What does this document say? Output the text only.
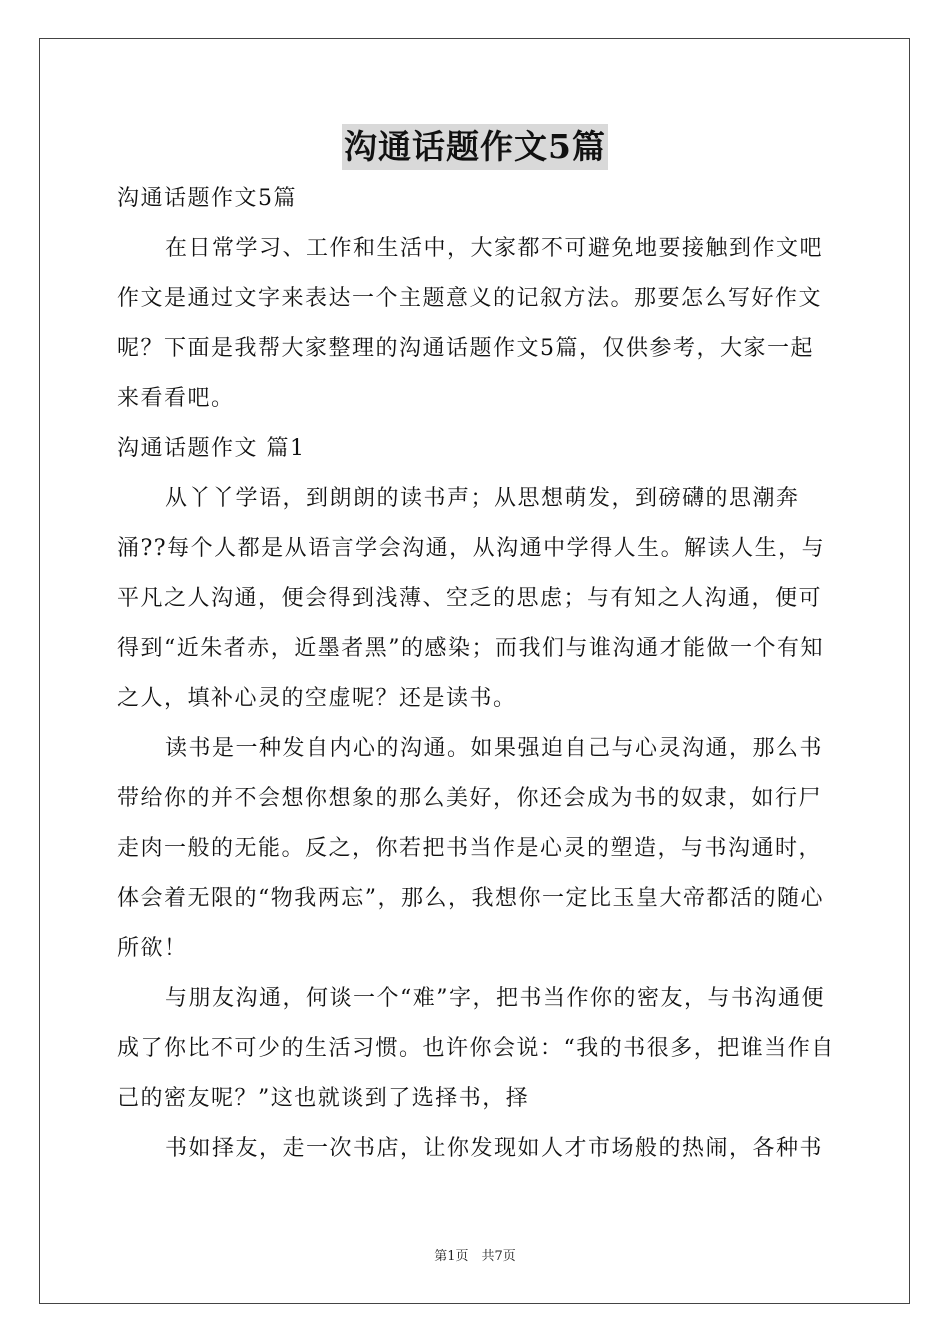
沟通话题作文5篇

沟通话题作文5篇

在日常学习、工作和生活中，大家都不可避免地要接触到作文吧作文是通过文字来表达一个主题意义的记叙方法。那要怎么写好作文呢？下面是我帮大家整理的沟通话题作文5篇，仅供参考，大家一起来看看吧。

沟通话题作文 篇1

从丫丫学语，到朗朗的读书声；从思想萌发，到磅礴的思潮奔涌??每个人都是从语言学会沟通，从沟通中学得人生。解读人生，与平凡之人沟通，便会得到浅薄、空乏的思虑；与有知之人沟通，便可得到“近朱者赤，近墨者黑”的感染；而我们与谁沟通才能做一个有知之人，填补心灵的空虚呢？还是读书。

读书是一种发自内心的沟通。如果强迫自己与心灵沟通，那么书带给你的并不会想你想象的那么美好，你还会成为书的奴隶，如行尸走肉一般的无能。反之，你若把书当作是心灵的塑造，与书沟通时，体会着无限的“物我两忘”，那么，我想你一定比玉皇大帝都活的随心所欲！

与朋友沟通，何谈一个“难”字，把书当作你的密友，与书沟通便成了你比不可少的生活习惯。也许你会说：“我的书很多，把谁当作自己的密友呢？”这也就谈到了选择书，择

书如择友，走一次书店，让你发现如人才市场般的热闹，各种书

第1页　共7页
